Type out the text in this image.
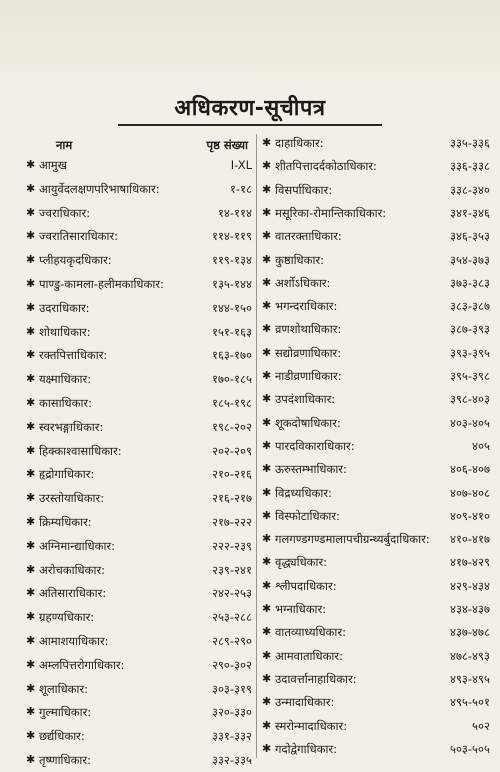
अधिकरण-सूचीपत्र
नाम	पृष्ठ संख्या
✱ आमुख	I-XL
✱ आयुर्वेदलक्षणपरिभाषाधिकार:	१-१८
✱ ज्वराधिकार:	१४-११४
✱ ज्वरातिसाराधिकार:	११४-११९
✱ प्लीहयकृदधिकार:	११९-१३४
✱ पाण्डु-कामला-हलीमकाधिकार:	१३५-१४४
✱ उदराधिकार:	१४४-१५०
✱ शोथाधिकार:	१५१-१६३
✱ रक्तपित्ताधिकार:	१६३-१७०
✱ यक्ष्माधिकार:	१७०-१८५
✱ कासाधिकार:	१८५-१९८
✱ स्वरभङ्गाधिकार:	१९८-२०२
✱ हिक्काश्वासाधिकार:	२०२-२०९
✱ हृद्रोगाधिकार:	२१०-२१६
✱ उरस्तोयाधिकार:	२१६-२१७
✱ क्रिम्यधिकार:	२१७-२२२
✱ अग्निमान्द्याधिकार:	२२२-२३९
✱ अरोचकाधिकार:	२३९-२४१
✱ अतिसाराधिकार:	२४२-२५३
✱ ग्रहण्यधिकार:	२५३-२८८
✱ आमाशयाधिकार:	२८९-२९०
✱ अम्लपित्तरोगाधिकार:	२९०-३०२
✱ शूलाधिकार:	३०३-३१९
✱ गुल्माधिकार:	३२०-३३०
✱ छर्द्यधिकार:	३३१-३३२
✱ तृष्णाधिकार:	३३२-३३५
✱ दाहाधिकार:	३३५-३३६
✱ शीतपित्तादर्दकोठाधिकार:	३३६-३३८
✱ विसर्पाधिकार:	३३८-३४०
✱ मसूरिका-रोमान्तिकाधिकार:	३४१-३४६
✱ वातरक्ताधिकार:	३४६-३५३
✱ कुष्ठाधिकार:	३५४-३७३
✱ अर्शोऽधिकार:	३७३-३८३
✱ भगन्दराधिकार:	३८३-३८७
✱ व्रणशोथाधिकार:	३८७-३९३
✱ सद्योव्रणाधिकार:	३९३-३९५
✱ नाडीव्रणाधिकार:	३९५-३९८
✱ उपदंशाधिकार:	३९८-४०३
✱ शूकदोषाधिकार:	४०३-४०५
✱ पारदविकाराधिकार:	४०५
✱ ऊरुस्तम्भाधिकार:	४०६-४०७
✱ विद्रध्यधिकार:	४०७-४०८
✱ विस्फोटाधिकार:	४०९-४१०
✱ गलगण्डगण्डमालापचीग्रन्थ्यर्बुदाधिकार: ४१०-४१७
✱ वृद्ध्यधिकार:	४१७-४२९
✱ श्लीपदाधिकार:	४२९-४३४
✱ भग्नाधिकार:	४३४-४३७
✱ वातव्याध्यधिकार:	४३७-४७८
✱ आमवाताधिकार:	४७८-४९३
✱ उदावर्त्तानाहाधिकार:	४९३-४९५
✱ उन्मादाधिकार:	४९५-५०१
✱ स्मरोन्मादाधिकार:	५०२
✱ गदोद्वेगाधिकार:	५०३-५०५
